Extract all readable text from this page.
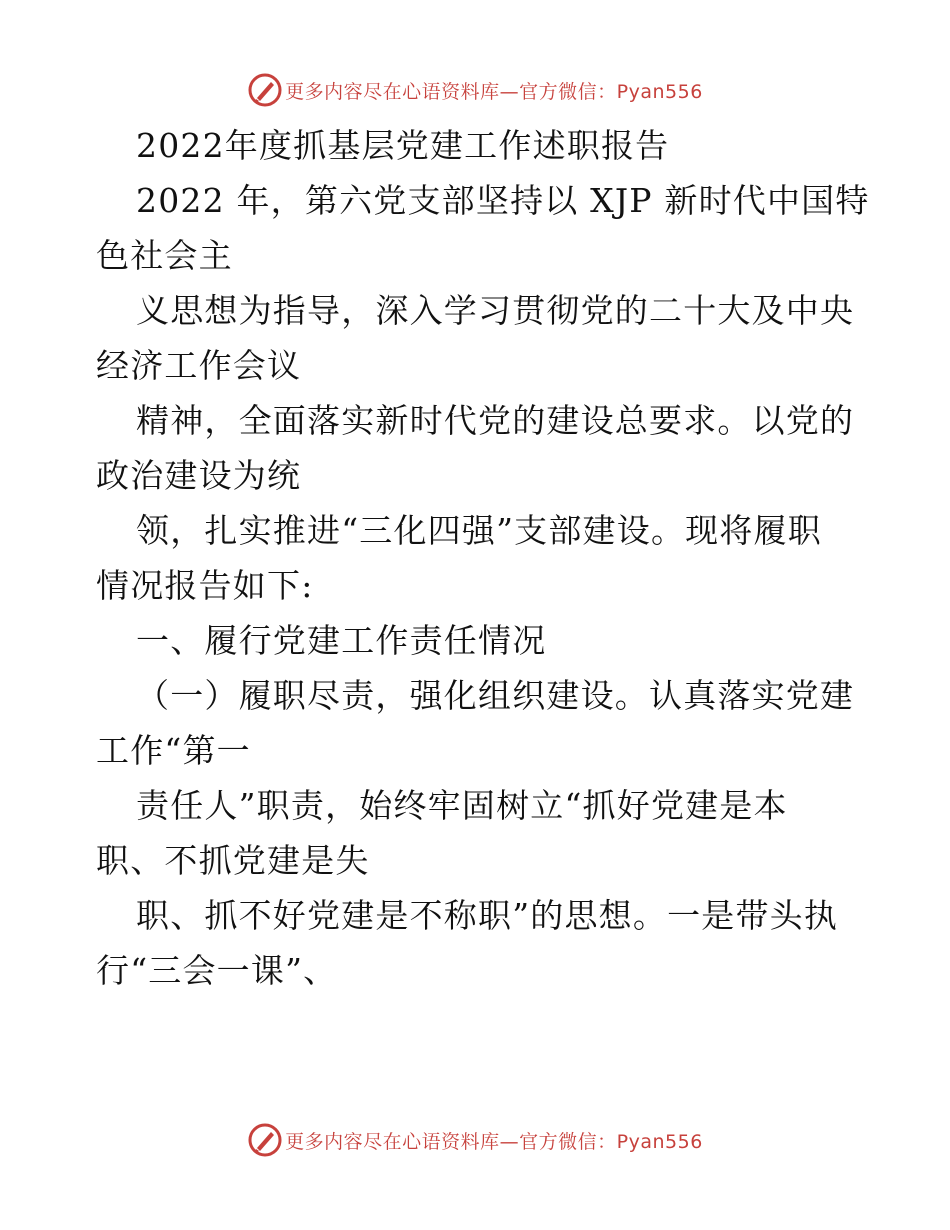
更多内容尽在心语资料库—官方微信：Pyan556
2022年度抓基层党建工作述职报告
2022 年，第六党支部坚持以 XJP 新时代中国特
色社会主
义思想为指导，深入学习贯彻党的二十大及中央
经济工作会议
精神，全面落实新时代党的建设总要求。以党的
政治建设为统
领，扎实推进“三化四强”支部建设。现将履职
情况报告如下:
一、履行党建工作责任情况
（一）履职尽责，强化组织建设。认真落实党建
工作“第一
责任人”职责，始终牢固树立“抓好党建是本
职、不抓党建是失
职、抓不好党建是不称职”的思想。一是带头执
行“三会一课”、
更多内容尽在心语资料库—官方微信：Pyan556
